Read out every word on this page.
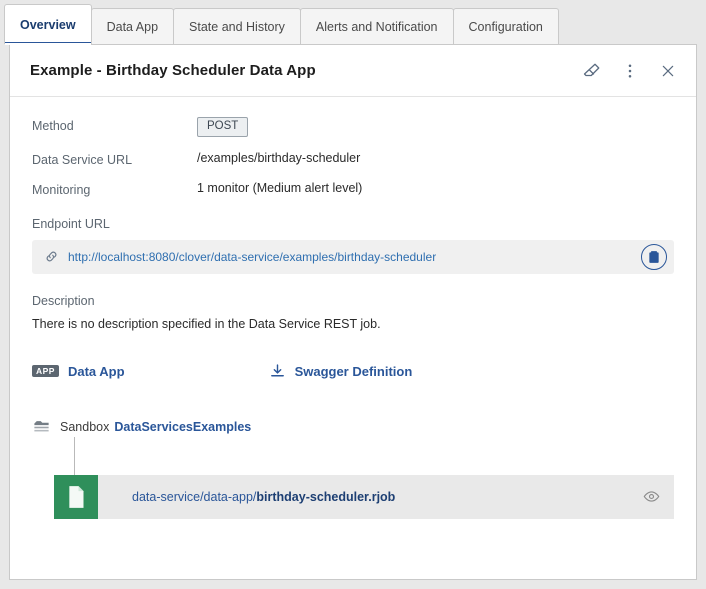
Overview Data App State and History Alerts and Notification Configuration
Example - Birthday Scheduler Data App
Method	POST
Data Service URL	/examples/birthday-scheduler
Monitoring	1 monitor (Medium alert level)
Endpoint URL
http://localhost:8080/clover/data-service/examples/birthday-scheduler
Description
There is no description specified in the Data Service REST job.
APP	Data App	Swagger Definition
Sandbox DataServicesExamples
data-service/data-app/birthday-scheduler.rjob
